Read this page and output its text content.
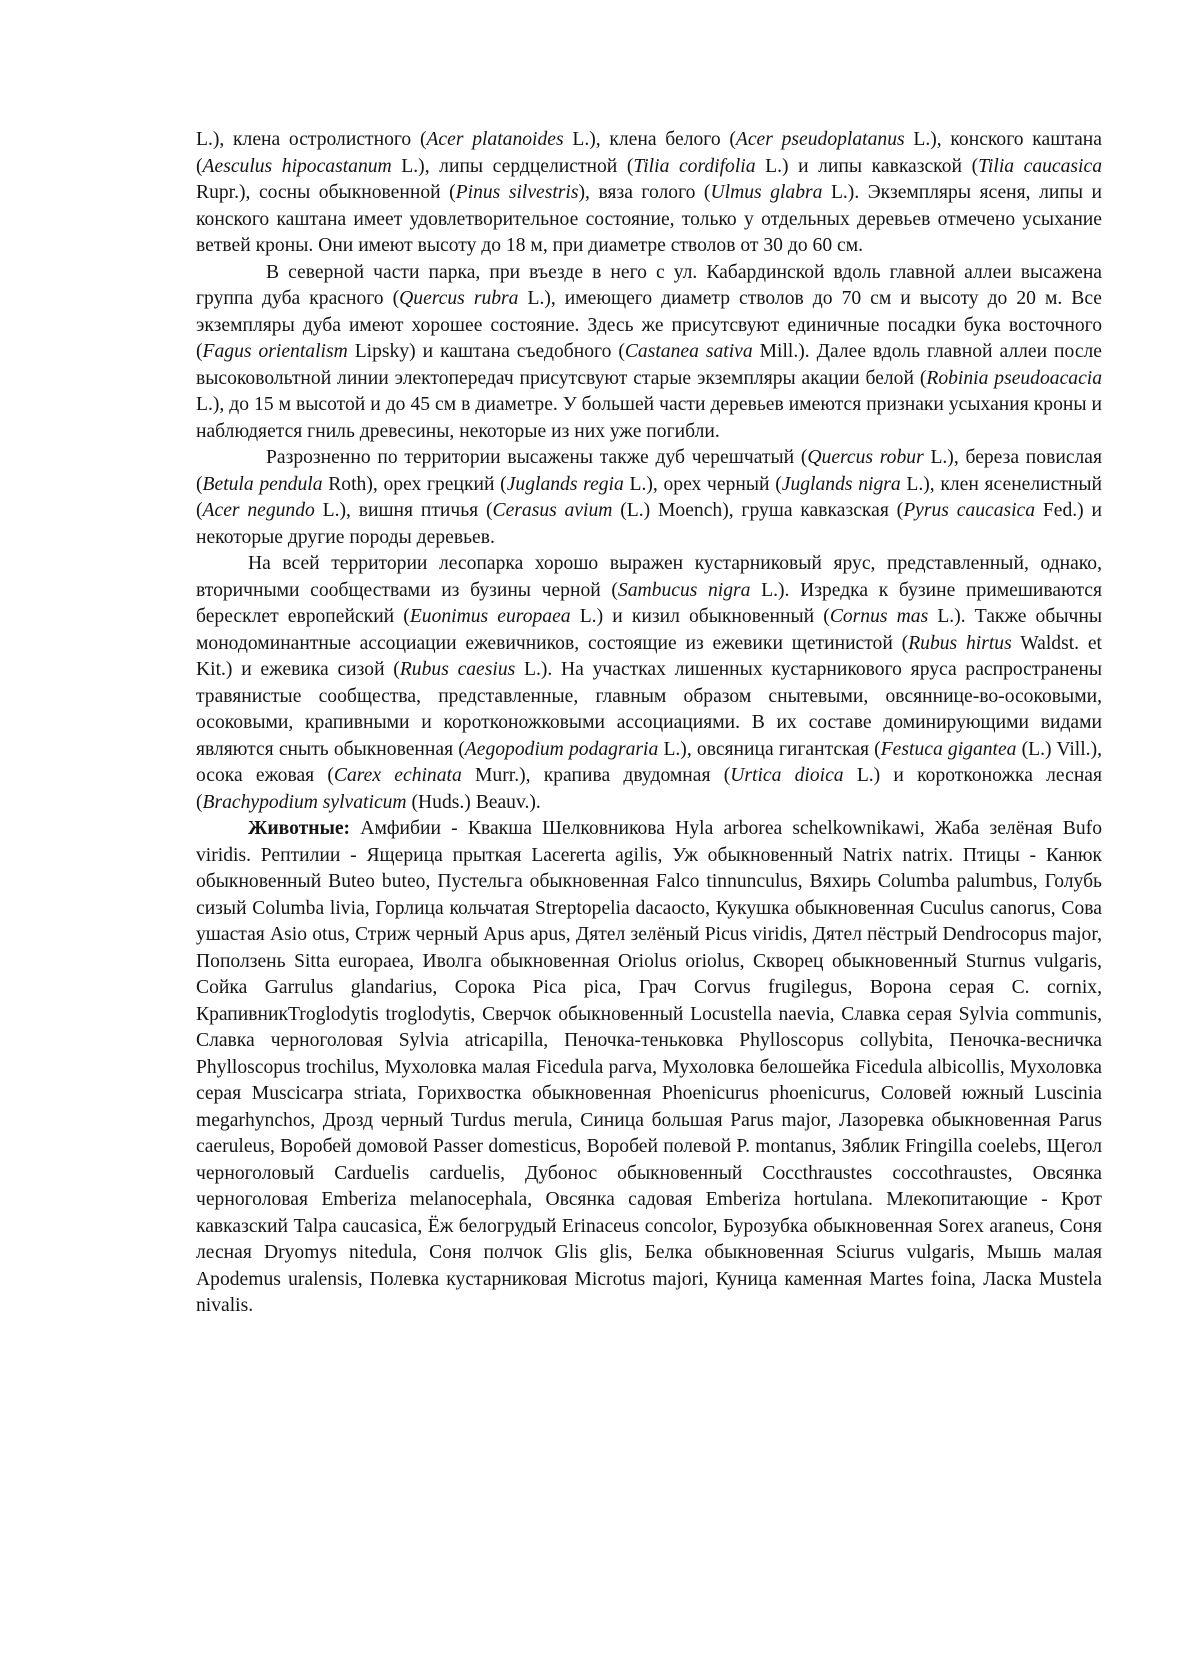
L.), клена остролистного (Acer platanoides L.), клена белого (Acer pseudoplatanus L.), конского каштана (Aesculus hipocastanum L.), липы сердцелистной (Tilia cordifolia L.) и липы кавказской (Tilia caucasica Rupr.), сосны обыкновенной (Pinus silvestris), вяза голого (Ulmus glabra L.). Экземпляры ясеня, липы и конского каштана имеет удовлетворительное состояние, только у отдельных деревьев отмечено усыхание ветвей кроны. Они имеют высоту до 18 м, при диаметре стволов от 30 до 60 см.

В северной части парка, при въезде в него с ул. Кабардинской вдоль главной аллеи высажена группа дуба красного (Quercus rubra L.), имеющего диаметр стволов до 70 см и высоту до 20 м. Все экземпляры дуба имеют хорошее состояние. Здесь же присутсвуют единичные посадки бука восточного (Fagus orientalism Lipsky) и каштана съедобного (Castanea sativa Mill.). Далее вдоль главной аллеи после высоковольтной линии электопередач присутсвуют старые экземпляры акации белой (Robinia pseudoacacia L.), до 15 м высотой и до 45 см в диаметре. У большей части деревьев имеются признаки усыхания кроны и наблюдяется гниль древесины, некоторые из них уже погибли.

Разрозненно по территории высажены также дуб черешчатый (Quercus robur L.), береза повислая (Betula pendula Roth), орех грецкий (Juglands regia L.), орех черный (Juglands nigra L.), клен ясенелистный (Acer negundo L.), вишня птичья (Cerasus avium (L.) Moench), груша кавказская (Pyrus caucasica Fed.) и некоторые другие породы деревьев.

На всей территории лесопарка хорошо выражен кустарниковый ярус, представленный, однако, вторичными сообществами из бузины черной (Sambucus nigra L.). Изредка к бузине примешиваются бересклет европейский (Euonimus europaea L.) и кизил обыкновенный (Cornus mas L.). Также обычны монодоминантные ассоциации ежевичников, состоящие из ежевики щетинистой (Rubus hirtus Waldst. et Kit.) и ежевика сизой (Rubus caesius L.). На участках лишенных кустарникового яруса распространены травянистые сообщества, представленные, главным образом снытевыми, овсяннице-во-осоковыми, осоковыми, крапивными и коротконожковыми ассоциациями. В их составе доминирующими видами являются сныть обыкновенная (Aegopodium podagraria L.), овсяница гигантская (Festuca gigantea (L.) Vill.), осока ежовая (Carex echinata Murr.), крапива двудомная (Urtica dioica L.) и коротконожка лесная (Brachypodium sylvaticum (Huds.) Beauv.).

Животные: Амфибии - Квакша Шелковникова Hyla arborea schelkownikawi, Жаба зелёная Bufo viridis. Рептилии - Ящерица прыткая Lacererta agilis, Уж обыкновенный Natrix natrix. Птицы - Канюк обыкновенный Buteo buteo, Пустельга обыкновенная Falco tinnunculus, Вяхирь Columba palumbus, Голубь сизый Columba livia, Горлица кольчатая Streptopelia dacaocto, Кукушка обыкновенная Cuculus canorus, Сова ушастая Asio otus, Стриж черный Apus apus, Дятел зелёный Picus viridis, Дятел пёстрый Dendrocopus major, Поползень Sitta europaea, Иволга обыкновенная Oriolus oriolus, Скворец обыкновенный Sturnus vulgaris, Сойка Garrulus glandarius, Сорока Pica pica, Грач Corvus frugilegus, Ворона серая C. cornix, КрапивникTroglodytis troglodytis, Сверчок обыкновенный Locustella naevia, Славка серая Sylvia communis, Славка черноголовая Sylvia atricapilla, Пеночка-теньковка Phylloscopus collybita, Пеночка-весничка Phylloscopus trochilus, Мухоловка малая Ficedula parva, Мухоловка белошейка Ficedula albicollis, Мухоловка серая Muscicarpa striata, Горихвостка обыкновенная Phoenicurus phoenicurus, Соловей южный Luscinia megarhynchos, Дрозд черный Turdus merula, Синица большая Parus major, Лазоревка обыкновенная Parus caeruleus, Воробей домовой Passer domesticus, Воробей полевой P. montanus, Зяблик Fringilla coelebs, Щегол черноголовый Carduelis carduelis, Дубонос обыкновенный Coccthraustes coccothraustes, Овсянка черноголовая Emberiza melanocephala, Овсянка садовая Emberiza hortulana. Млекопитающие - Крот кавказский Talpa caucasica, Ёж белогрудый Erinaceus concolor, Бурозубка обыкновенная Sorex araneus, Соня лесная Dryomys nitedula, Соня полчок Glis glis, Белка обыкновенная Sciurus vulgaris, Мышь малая Apodemus uralensis, Полевка кустарниковая Microtus majori, Куница каменная Martes foina, Ласка Mustela nivalis.
